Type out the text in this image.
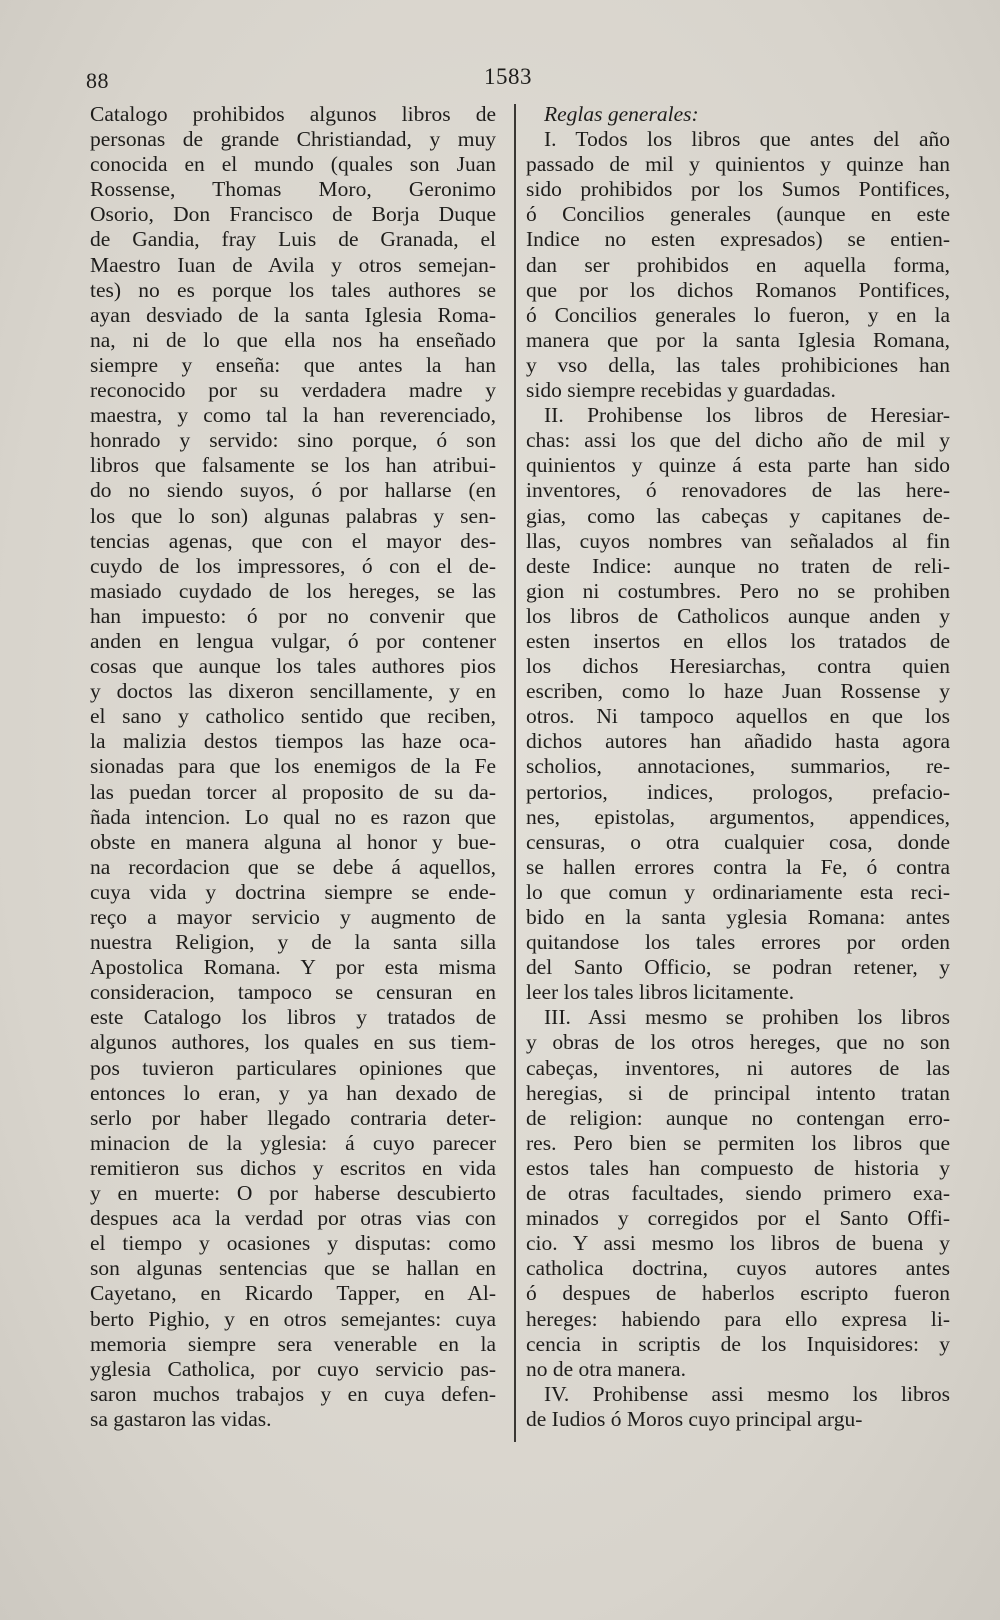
88	1583
Catalogo prohibidos algunos libros de
personas de grande Christiandad, y muy
conocida en el mundo (quales son Juan
Rossense, Thomas Moro, Geronimo
Osorio, Don Francisco de Borja Duque
de Gandia, fray Luis de Granada, el
Maestro Iuan de Avila y otros semejan-
tes) no es porque los tales authores se
ayan desviado de la santa Iglesia Roma-
na, ni de lo que ella nos ha enseñado
siempre y enseña: que antes la han
reconocido por su verdadera madre y
maestra, y como tal la han reverenciado,
honrado y servido: sino porque, ó son
libros que falsamente se los han atribui-
do no siendo suyos, ó por hallarse (en
los que lo son) algunas palabras y sen-
tencias agenas, que con el mayor des-
cuydo de los impressores, ó con el de-
masiado cuydado de los hereges, se las
han impuesto: ó por no convenir que
anden en lengua vulgar, ó por contener
cosas que aunque los tales authores pios
y doctos las dixeron sencillamente, y en
el sano y catholico sentido que reciben,
la malizia destos tiempos las haze oca-
sionadas para que los enemigos de la Fe
las puedan torcer al proposito de su da-
ñada intencion. Lo qual no es razon que
obste en manera alguna al honor y bue-
na recordacion que se debe á aquellos,
cuya vida y doctrina siempre se ende-
reço a mayor servicio y augmento de
nuestra Religion, y de la santa silla
Apostolica Romana. Y por esta misma
consideracion, tampoco se censuran en
este Catalogo los libros y tratados de
algunos authores, los quales en sus tiem-
pos tuvieron particulares opiniones que
entonces lo eran, y ya han dexado de
serlo por haber llegado contraria deter-
minacion de la yglesia: á cuyo parecer
remitieron sus dichos y escritos en vida
y en muerte: O por haberse descubierto
despues aca la verdad por otras vias con
el tiempo y ocasiones y disputas: como
son algunas sentencias que se hallan en
Cayetano, en Ricardo Tapper, en Al-
berto Pighio, y en otros semejantes: cuya
memoria siempre sera venerable en la
yglesia Catholica, por cuyo servicio pas-
saron muchos trabajos y en cuya defen-
sa gastaron las vidas.
Reglas generales:
I. Todos los libros que antes del año
passado de mil y quinientos y quinze han
sido prohibidos por los Sumos Pontifices,
ó Concilios generales (aunque en este
Indice no esten expresados) se entien-
dan ser prohibidos en aquella forma,
que por los dichos Romanos Pontifices,
ó Concilios generales lo fueron, y en la
manera que por la santa Iglesia Romana,
y vso della, las tales prohibiciones han
sido siempre recebidas y guardadas.
II. Prohibense los libros de Heresiar-
chas: assi los que del dicho año de mil y
quinientos y quinze á esta parte han sido
inventores, ó renovadores de las here-
gias, como las cabeças y capitanes de-
llas, cuyos nombres van señalados al fin
deste Indice: aunque no traten de reli-
gion ni costumbres. Pero no se prohiben
los libros de Catholicos aunque anden y
esten insertos en ellos los tratados de
los dichos Heresiarchas, contra quien
escriben, como lo haze Juan Rossense y
otros. Ni tampoco aquellos en que los
dichos autores han añadido hasta agora
scholios, annotaciones, summarios, re-
pertorios, indices, prologos, prefacio-
nes, epistolas, argumentos, appendices,
censuras, o otra cualquier cosa, donde
se hallen errores contra la Fe, ó contra
lo que comun y ordinariamente esta reci-
bido en la santa yglesia Romana: antes
quitandose los tales errores por orden
del Santo Officio, se podran retener, y
leer los tales libros licitamente.
III. Assi mesmo se prohiben los libros
y obras de los otros hereges, que no son
cabeças, inventores, ni autores de las
heregias, si de principal intento tratan
de religion: aunque no contengan erro-
res. Pero bien se permiten los libros que
estos tales han compuesto de historia y
de otras facultades, siendo primero exa-
minados y corregidos por el Santo Offi-
cio. Y assi mesmo los libros de buena y
catholica doctrina, cuyos autores antes
ó despues de haberlos escripto fueron
hereges: habiendo para ello expresa li-
cencia in scriptis de los Inquisidores: y
no de otra manera.
IV. Prohibense assi mesmo los libros
de Iudios ó Moros cuyo principal argu-
